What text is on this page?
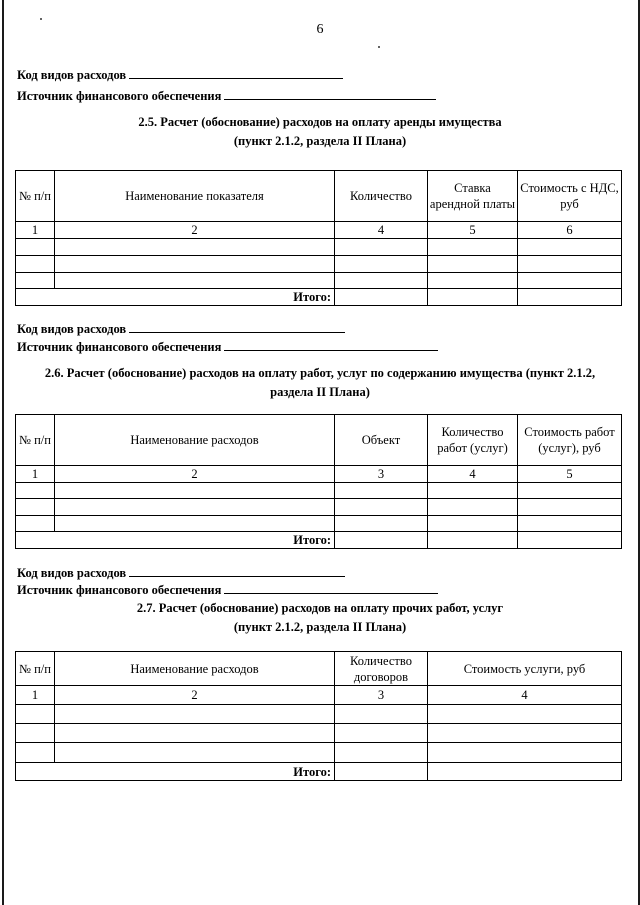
6
Код видов расходов
Источник финансового обеспечения
2.5. Расчет (обоснование) расходов на оплату аренды имущества
(пункт 2.1.2, раздела II Плана)
№ п/п	Наименование показателя	Количество	Ставка арендной платы	Стоимость с НДС, руб
1	2	4	5	6

Итого:				
Код видов расходов
Источник финансового обеспечения
2.6. Расчет (обоснование) расходов на оплату работ, услуг по содержанию имущества (пункт 2.1.2,
раздела II Плана)
№ п/п	Наименование расходов	Объект	Количество работ (услуг)	Стоимость работ (услуг), руб
1	2	3	4	5

Итого:				
Код видов расходов
Источник финансового обеспечения
2.7. Расчет (обоснование) расходов на оплату прочих работ, услуг
(пункт 2.1.2, раздела II Плана)
№ п/п	Наименование расходов	Количество договоров	Стоимость услуги, руб
1	2	3	4

Итого:			
